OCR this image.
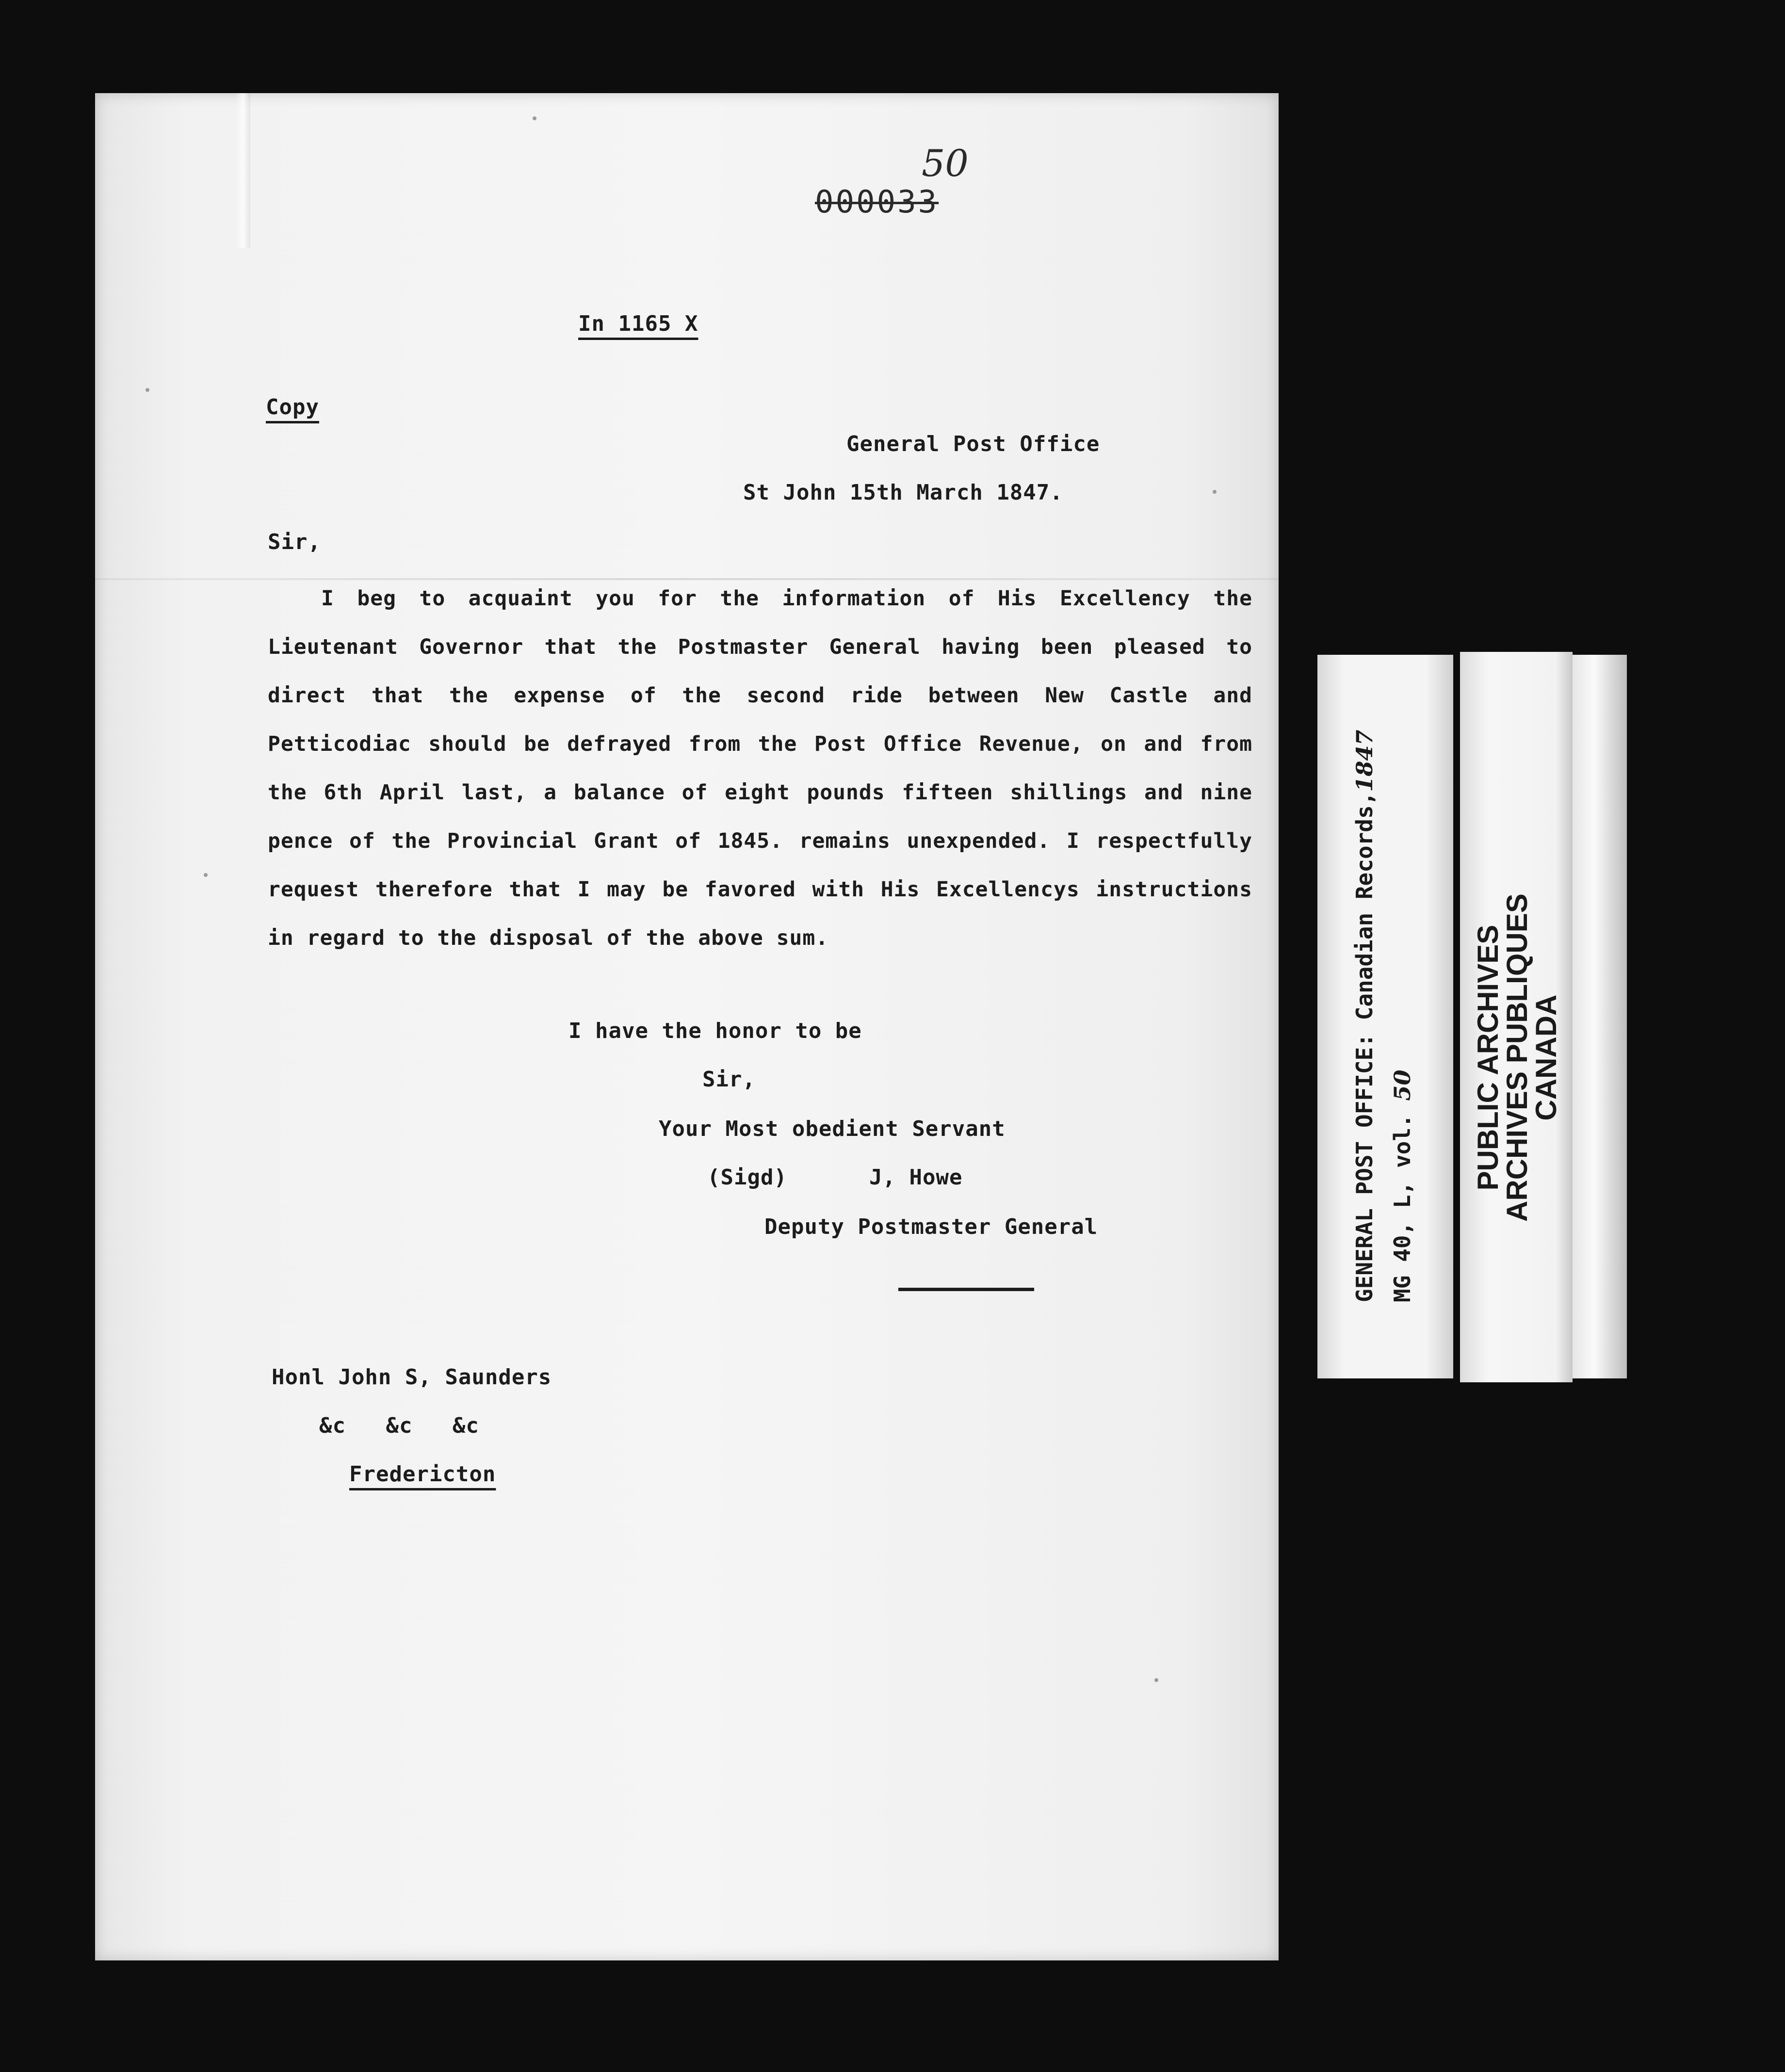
000033

50

In 1165 X

Copy

General Post Office

St John 15th March 1847.

Sir,

I beg to acquaint you for the information of His Excellency the Lieutenant Governor that the Postmaster General having been pleased to direct that the expense of the second ride between New Castle and Petticodiac should be defrayed from the Post Office Revenue, on and from the 6th April last, a balance of eight pounds fifteen shillings and nine pence of the Provincial Grant of 1845. remains unexpended. I respectfully request therefore that I may be favored with His Excellencys instructions in regard to the disposal of the above sum.

I have the honor to be

Sir,

Your Most obedient Servant

(Sigd)	J, Howe

Deputy Postmaster General

Honl John S, Saunders

&c   &c   &c

Fredericton

GENERAL POST OFFICE: Canadian Records,1847
MG 40, L, vol. 50 PUBLIC ARCHIVES
ARCHIVES PUBLIQUES
CANADA
